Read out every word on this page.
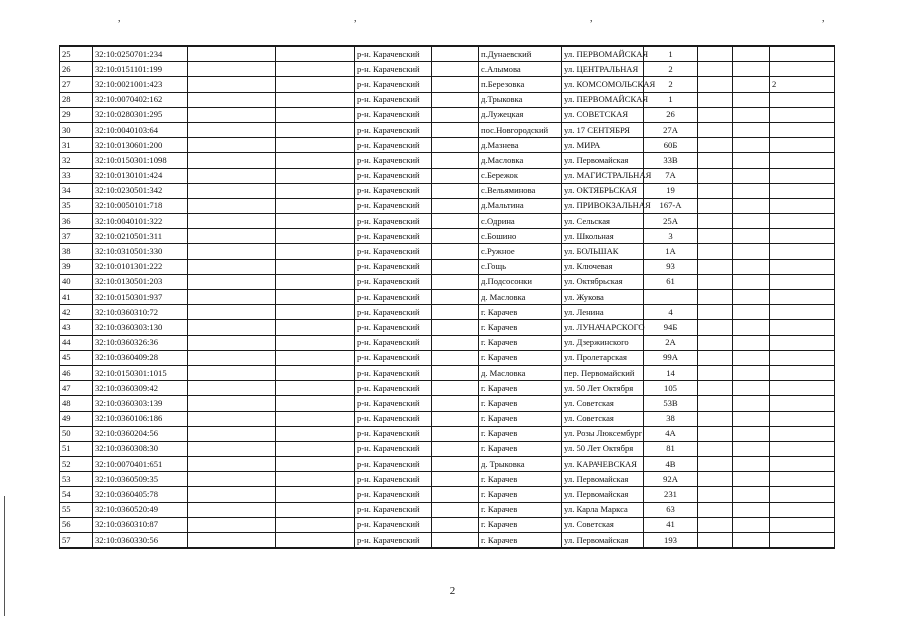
,	,	,	,
25	32:10:0250701:234			р-н. Карачевский		п.Дунаевский	ул. ПЕРВОМАЙСКАЯ	1			
26	32:10:0151101:199			р-н. Карачевский		с.Алымова	ул. ЦЕНТРАЛЬНАЯ	2			
27	32:10:0021001:423			р-н. Карачевский		п.Березовка	ул. КОМСОМОЛЬСКАЯ	2			2
28	32:10:0070402:162			р-н. Карачевский		д.Трыковка	ул. ПЕРВОМАЙСКАЯ	1			
29	32:10:0280301:295			р-н. Карачевский		д.Лужецкая	ул. СОВЕТСКАЯ	26			
30	32:10:0040103:64			р-н. Карачевский		пос.Новгородский	ул. 17 СЕНТЯБРЯ	27А			
31	32:10:0130601:200			р-н. Карачевский		д.Мазнева	ул. МИРА	60Б			
32	32:10:0150301:1098			р-н. Карачевский		д.Масловка	ул. Первомайская	33В			
33	32:10:0130101:424			р-н. Карачевский		с.Бережок	ул. МАГИСТРАЛЬНАЯ	7А			
34	32:10:0230501:342			р-н. Карачевский		с.Вельяминова	ул. ОКТЯБРЬСКАЯ	19			
35	32:10:0050101:718			р-н. Карачевский		д.Мальтина	ул. ПРИВОКЗАЛЬНАЯ	167-А			
36	32:10:0040101:322			р-н. Карачевский		с.Одрина	ул. Сельская	25А			
37	32:10:0210501:311			р-н. Карачевский		с.Бошино	ул. Школьная	3			
38	32:10:0310501:330			р-н. Карачевский		с.Ружное	ул. БОЛЬШАК	1А			
39	32:10:0101301:222			р-н. Карачевский		с.Гощь	ул. Ключевая	93			
40	32:10:0130501:203			р-н. Карачевский		д.Подсосонки	ул. Октябрьская	61			
41	32:10:0150301:937			р-н. Карачевский		д. Масловка	ул. Жукова				
42	32:10:0360310:72			р-н. Карачевский		г. Карачев	ул. Ленина	4			
43	32:10:0360303:130			р-н. Карачевский		г. Карачев	ул. ЛУНАЧАРСКОГО	94Б			
44	32:10:0360326:36			р-н. Карачевский		г. Карачев	ул. Дзержинского	2А			
45	32:10:0360409:28			р-н. Карачевский		г. Карачев	ул. Пролетарская	99А			
46	32:10:0150301:1015			р-н. Карачевский		д. Масловка	пер. Первомайский	14			
47	32:10:0360309:42			р-н. Карачевский		г. Карачев	ул. 50 Лет Октября	105			
48	32:10:0360303:139			р-н. Карачевский		г. Карачев	ул. Советская	53В			
49	32:10:0360106:186			р-н. Карачевский		г. Карачев	ул. Советская	38			
50	32:10:0360204:56			р-н. Карачевский		г. Карачев	ул. Розы Люксембург	4А			
51	32:10:0360308:30			р-н. Карачевский		г. Карачев	ул. 50 Лет Октября	81			
52	32:10:0070401:651			р-н. Карачевский		д. Трыковка	ул. КАРАЧЕВСКАЯ	4В			
53	32:10:0360509:35			р-н. Карачевский		г. Карачев	ул. Первомайская	92А			
54	32:10:0360405:78			р-н. Карачевский		г. Карачев	ул. Первомайская	231			
55	32:10:0360520:49			р-н. Карачевский		г. Карачев	ул. Карла Маркса	63			
56	32:10:0360310:87			р-н. Карачевский		г. Карачев	ул. Советская	41			
57	32:10:0360330:56			р-н. Карачевский		г. Карачев	ул. Первомайская	193			
2
